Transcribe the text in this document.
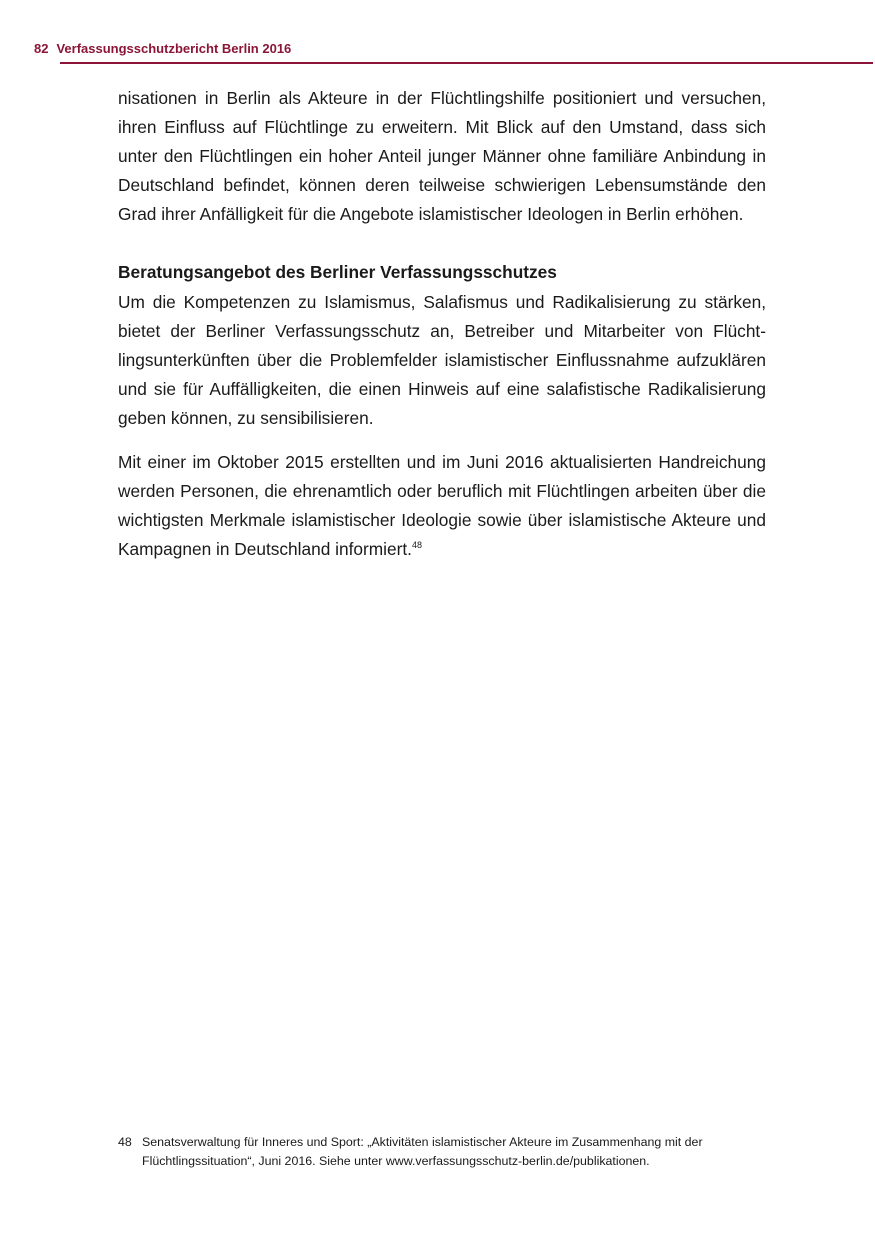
82 Verfassungsschutzbericht Berlin 2016

nisationen in Berlin als Akteure in der Flüchtlingshilfe positioniert und versuchen, ihren Einfluss auf Flüchtlinge zu erweitern. Mit Blick auf den Umstand, dass sich unter den Flüchtlingen ein hoher Anteil junger Männer ohne familiäre Anbindung in Deutschland befindet, können deren teilweise schwierigen Lebensumstände den Grad ihrer Anfälligkeit für die Angebote islamistischer Ideologen in Berlin erhöhen.

Beratungsangebot des Berliner Verfassungsschutzes

Um die Kompetenzen zu Islamismus, Salafismus und Radikalisierung zu stärken, bietet der Berliner Verfassungsschutz an, Betreiber und Mitarbeiter von Flüchtlingsunterkünften über die Problemfelder islamistischer Einflussnahme aufzuklären und sie für Auffälligkeiten, die einen Hinweis auf eine salafistische Radikalisierung geben können, zu sensibilisieren.

Mit einer im Oktober 2015 erstellten und im Juni 2016 aktualisierten Handreichung werden Personen, die ehrenamtlich oder beruflich mit Flüchtlingen arbeiten über die wichtigsten Merkmale islamistischer Ideologie sowie über islamistische Akteure und Kampagnen in Deutschland informiert.$^{48}$

48 Senatsverwaltung für Inneres und Sport: „Aktivitäten islamistischer Akteure im Zusammenhang mit der Flüchtlingssituation“, Juni 2016. Siehe unter www.verfassungsschutz-berlin.de/publikationen.
